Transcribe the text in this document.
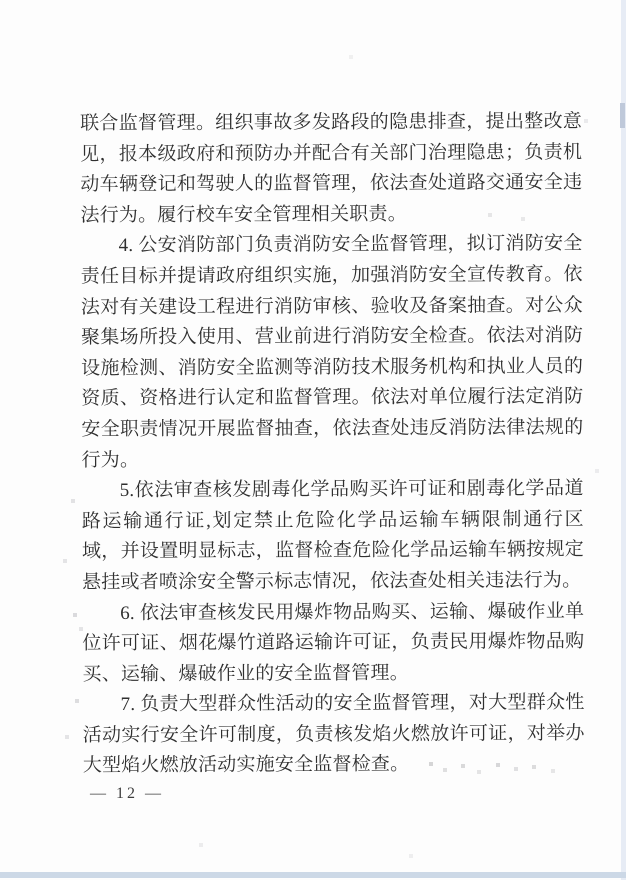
联合监督管理。组织事故多发路段的隐患排查，提出整改意见，报本级政府和预防办并配合有关部门治理隐患；负责机动车辆登记和驾驶人的监督管理，依法查处道路交通安全违法行为。履行校车安全管理相关职责。

4. 公安消防部门负责消防安全监督管理，拟订消防安全责任目标并提请政府组织实施，加强消防安全宣传教育。依法对有关建设工程进行消防审核、验收及备案抽查。对公众聚集场所投入使用、营业前进行消防安全检查。依法对消防设施检测、消防安全监测等消防技术服务机构和执业人员的资质、资格进行认定和监督管理。依法对单位履行法定消防安全职责情况开展监督抽查，依法查处违反消防法律法规的行为。

5.依法审查核发剧毒化学品购买许可证和剧毒化学品道路运输通行证,划定禁止危险化学品运输车辆限制通行区域，并设置明显标志，监督检查危险化学品运输车辆按规定悬挂或者喷涂安全警示标志情况，依法查处相关违法行为。

6. 依法审查核发民用爆炸物品购买、运输、爆破作业单位许可证、烟花爆竹道路运输许可证，负责民用爆炸物品购买、运输、爆破作业的安全监督管理。

7. 负责大型群众性活动的安全监督管理，对大型群众性活动实行安全许可制度，负责核发焰火燃放许可证，对举办大型焰火燃放活动实施安全监督检查。

— 12 —
